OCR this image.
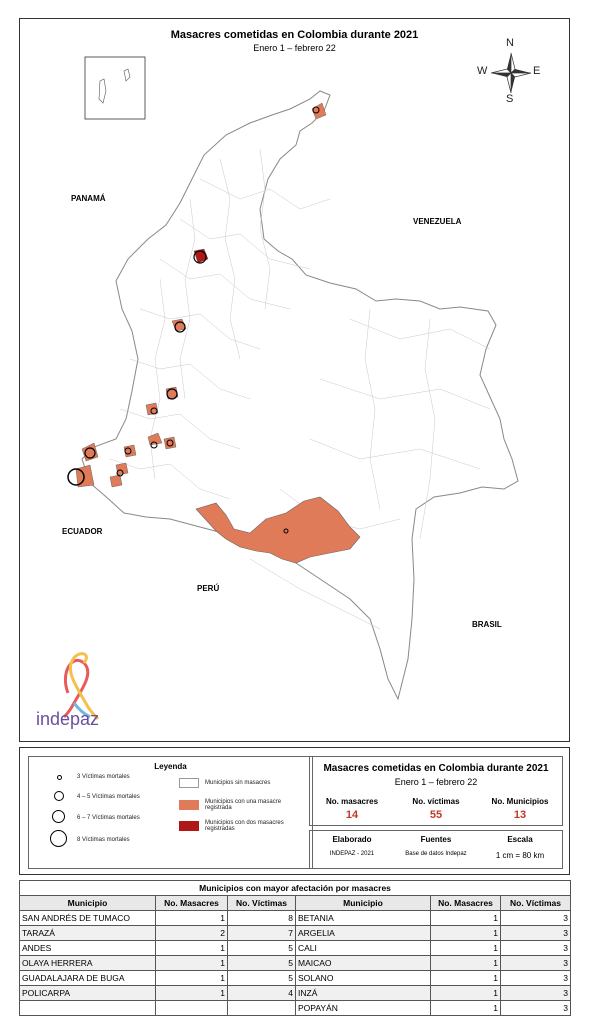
Masacres cometidas en Colombia durante 2021
Enero 1 – febrero 22	N
S
E
W
PANAMÁ
VENEZUELA
ECUADOR
PERÚ
BRASIL
indepaz
Leyenda
3 Víctimas mortales
4 – 5 Víctimas mortales
6 – 7 Víctimas mortales
8 Víctimas mortales
Municipios sin masacres
Municipios con una masacre registrada
Municipios con dos masacres registradas
Masacres cometidas en Colombia durante 2021
Enero 1 – febrero 22
No. masacres
14
No. víctimas
55
No. Municipios
13
Elaborado
INDEPAZ - 2021
Fuentes
Base de datos Indepaz
Escala
1 cm = 80 km
Municipios con mayor afectación por masacres					
Municipio	No. Masacres	No. Víctimas	Municipio	No. Masacres	No. Víctimas
SAN ANDRÉS DE TUMACO	1	8	BETANIA	1	3
TARAZÁ	2	7	ARGELIA	1	3
ANDES	1	5	CALI	1	3
OLAYA HERRERA	1	5	MAICAO	1	3
GUADALAJARA DE BUGA	1	5	SOLANO	1	3
POLICARPA	1	4	INZÁ	1	3
			POPAYÁN	1	3
